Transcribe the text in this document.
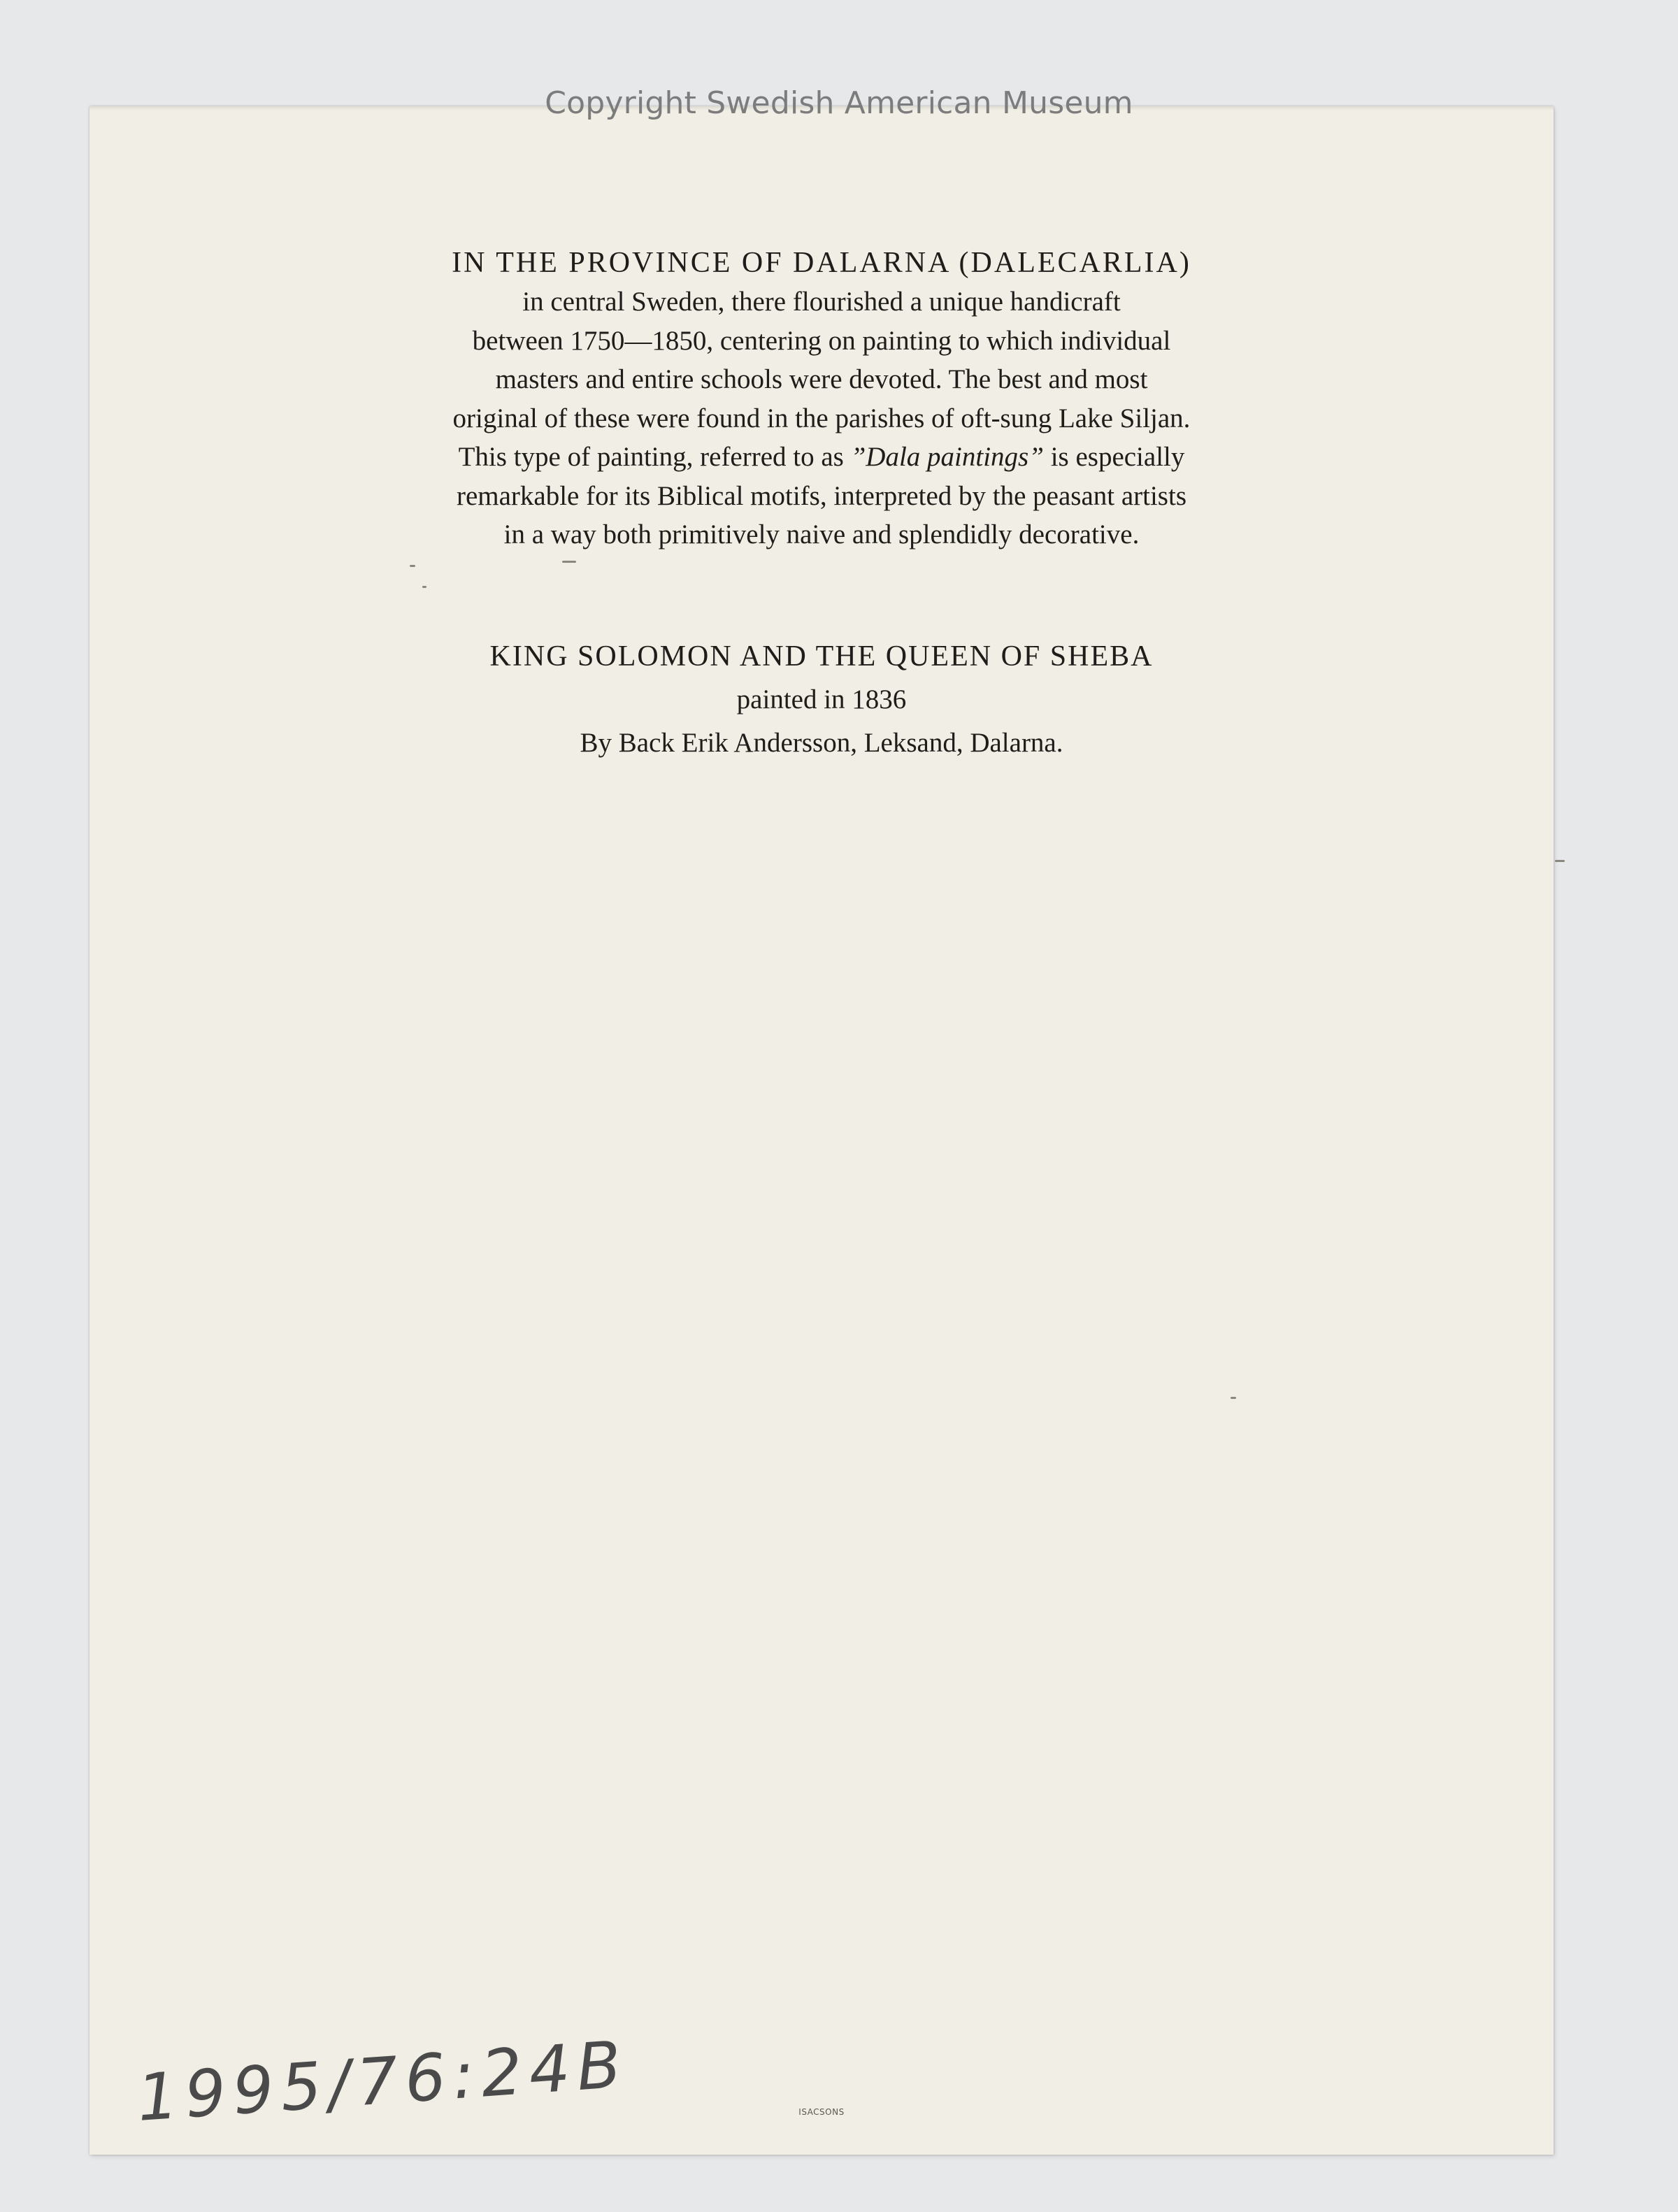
Copyright Swedish American Museum
IN THE PROVINCE OF DALARNA (DALECARLIA)
in central Sweden, there flourished a unique handicraft
between 1750—1850, centering on painting to which individual
masters and entire schools were devoted. The best and most
original of these were found in the parishes of oft-sung Lake Siljan.
This type of painting, referred to as ”Dala paintings” is especially
remarkable for its Biblical motifs, interpreted by the peasant artists
in a way both primitively naive and splendidly decorative.
KING SOLOMON AND THE QUEEN OF SHEBA
painted in 1836
By Back Erik Andersson, Leksand, Dalarna.
1995/76:24B	ISACSONS
